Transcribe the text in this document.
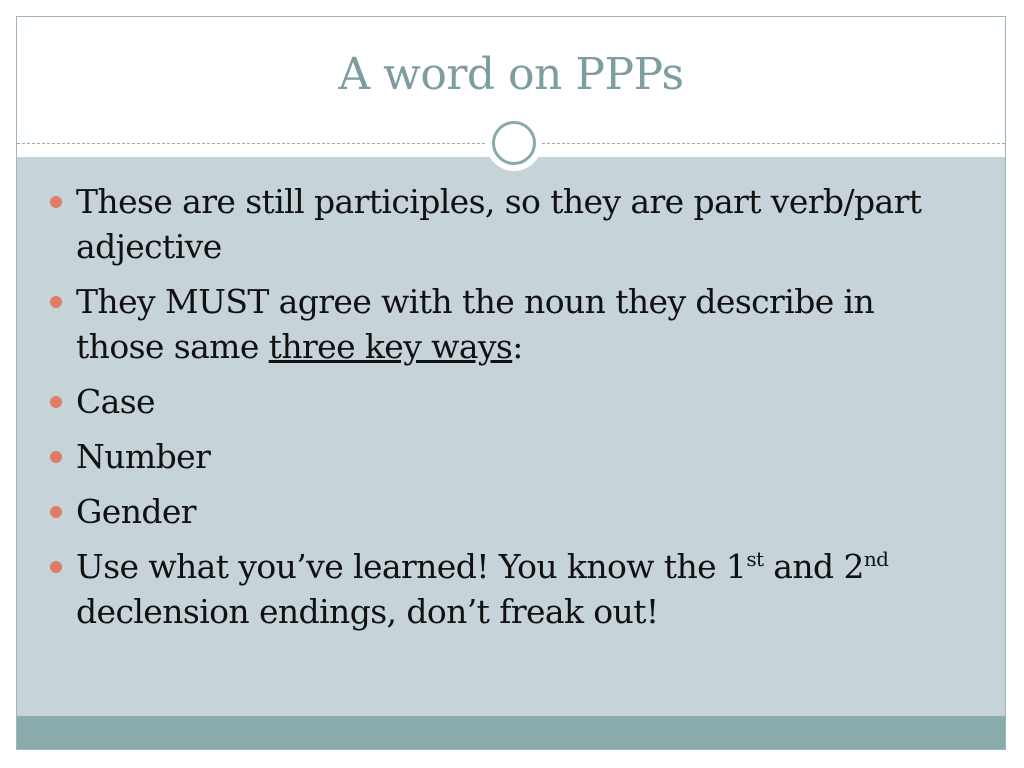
A word on PPPs
These are still participles, so they are part verb/part adjective
They MUST agree with the noun they describe in those same three key ways:
Case
Number
Gender
Use what you’ve learned! You know the 1st and 2nd declension endings, don’t freak out!
